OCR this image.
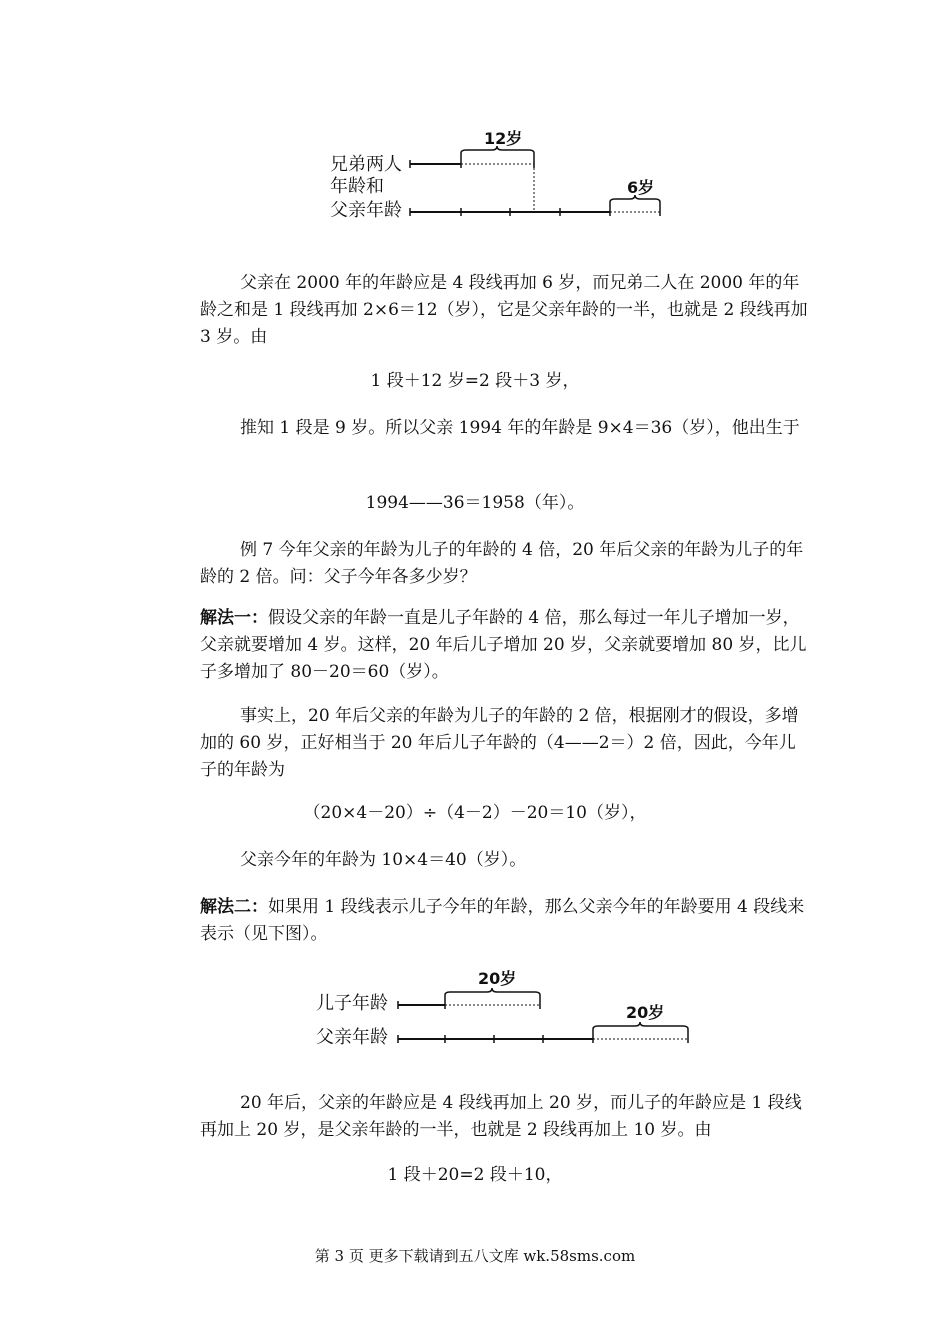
兄弟两人
年龄和
父亲年龄
12岁
6岁

父亲在 2000 年的年龄应是 4 段线再加 6 岁，而兄弟二人在 2000 年的年龄之和是 1 段线再加 2×6＝12（岁），它是父亲年龄的一半，也就是 2 段线再加 3 岁。由

1 段＋12 岁=2 段＋3 岁，

推知 1 段是 9 岁。所以父亲 1994 年的年龄是 9×4＝36（岁），他出生于

1994——36＝1958（年）。

例 7 今年父亲的年龄为儿子的年龄的 4 倍，20 年后父亲的年龄为儿子的年龄的 2 倍。问：父子今年各多少岁？

解法一：假设父亲的年龄一直是儿子年龄的 4 倍，那么每过一年儿子增加一岁，父亲就要增加 4 岁。这样，20 年后儿子增加 20 岁，父亲就要增加 80 岁，比儿子多增加了 80－20＝60（岁）。

事实上，20 年后父亲的年龄为儿子的年龄的 2 倍，根据刚才的假设，多增加的 60 岁，正好相当于 20 年后儿子年龄的（4——2＝）2 倍，因此，今年儿子的年龄为

（20×4－20）÷（4－2）－20＝10（岁），

父亲今年的年龄为 10×4＝40（岁）。

解法二：如果用 1 段线表示儿子今年的年龄，那么父亲今年的年龄要用 4 段线来表示（见下图）。

儿子年龄
父亲年龄
20岁
20岁

20 年后，父亲的年龄应是 4 段线再加上 20 岁，而儿子的年龄应是 1 段线再加上 20 岁，是父亲年龄的一半，也就是 2 段线再加上 10 岁。由

1 段＋20=2 段＋10，

第 3 页 更多下载请到五八文库 wk.58sms.com
